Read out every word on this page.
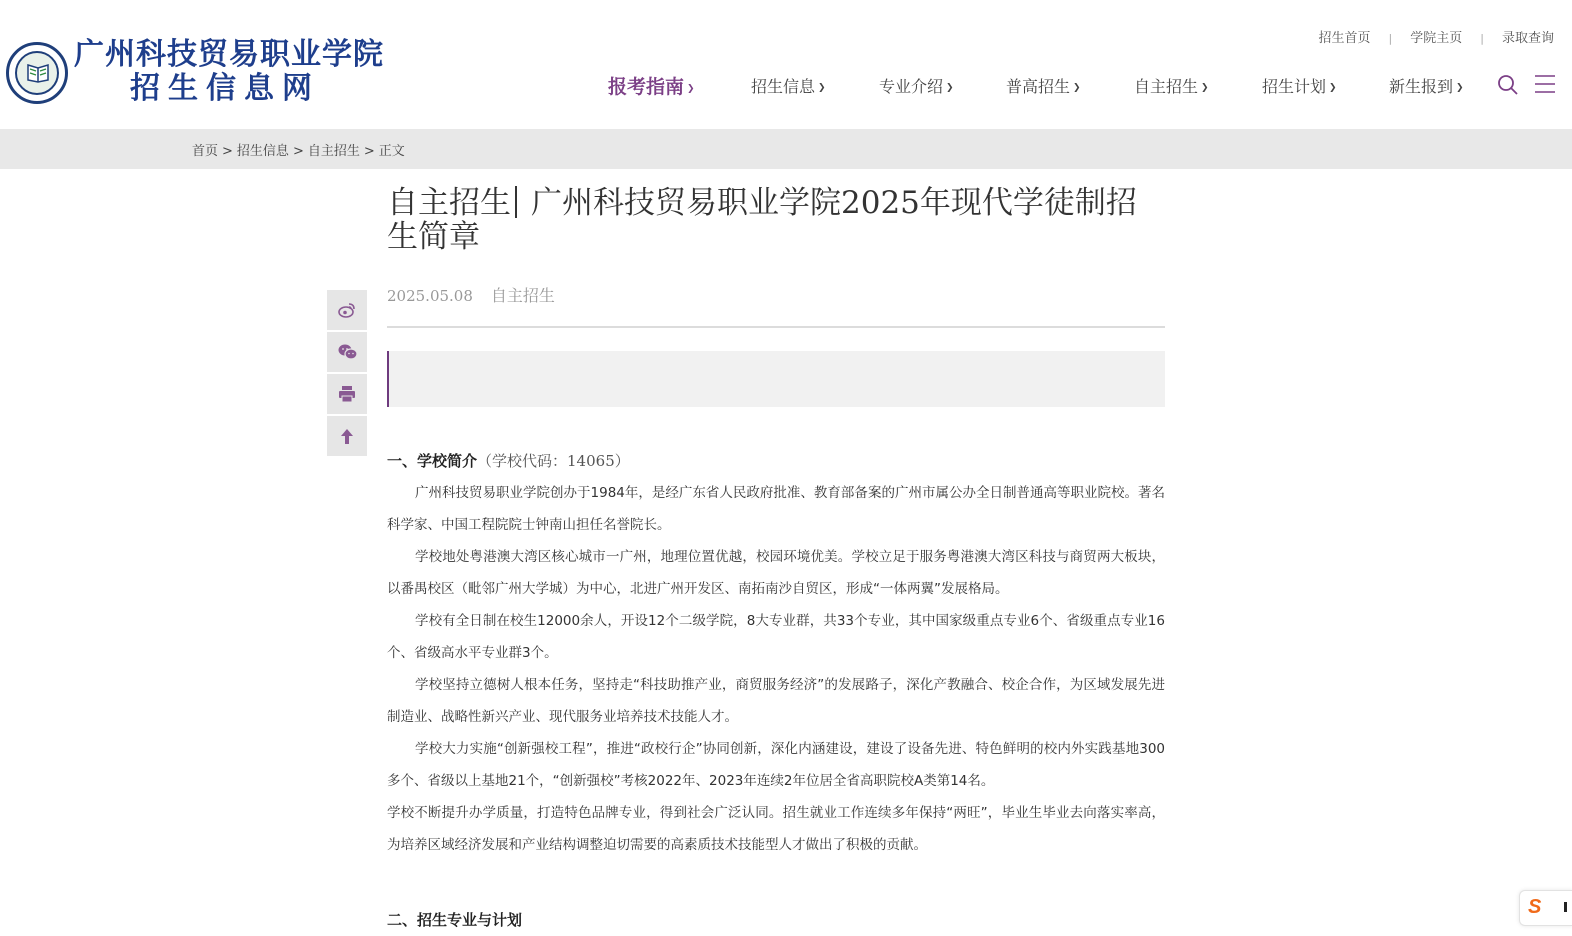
广州科技贸易职业学院
招生信息网
招生首页 | 学院主页 | 录取查询
报考指南 ❯	招生信息 ❯	专业介绍 ❯	普高招生 ❯	自主招生 ❯	招生计划 ❯	新生报到 ❯
首页 > 招生信息 > 自主招生 > 正文
自主招生 广州科技贸易职业学院2025年现代学徒制招生简章
2025.05.08 自主招生
一、学校简介（学校代码：14065）

广州科技贸易职业学院创办于1984年，是经广东省人民政府批准、教育部备案的广州市属公办全日制普通高等职业院校。著名科学家、中国工程院院士钟南山担任名誉院长。

学校地处粤港澳大湾区核心城市一广州，地理位置优越，校园环境优美。学校立足于服务粤港澳大湾区科技与商贸两大板块，以番禺校区（毗邻广州大学城）为中心，北进广州开发区、南拓南沙自贸区，形成“一体两翼”发展格局。

学校有全日制在校生12000余人，开设12个二级学院，8大专业群，共33个专业，其中国家级重点专业6个、省级重点专业16个、省级高水平专业群3个。

学校坚持立德树人根本任务，坚持走“科技助推产业，商贸服务经济”的发展路子，深化产教融合、校企合作，为区域发展先进制造业、战略性新兴产业、现代服务业培养技术技能人才。

学校大力实施“创新强校工程”，推进“政校行企”协同创新，深化内涵建设，建设了设备先进、特色鲜明的校内外实践基地300多个、省级以上基地21个，“创新强校”考核2022年、2023年连续2年位居全省高职院校A类第14名。

学校不断提升办学质量，打造特色品牌专业，得到社会广泛认同。招生就业工作连续多年保持“两旺”，毕业生毕业去向落实率高，为培养区域经济发展和产业结构调整迫切需要的高素质技术技能型人才做出了积极的贡献。

二、招生专业与计划
S
